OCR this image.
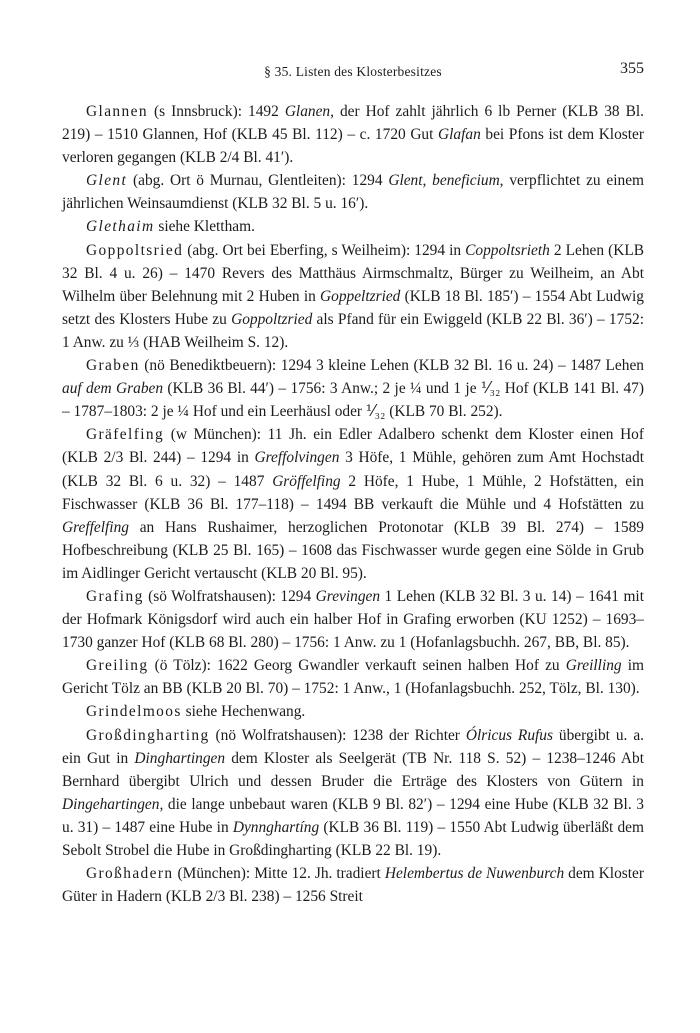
§ 35. Listen des Klosterbesitzes	355

Glannen (s Innsbruck): 1492 Glanen, der Hof zahlt jährlich 6 lb Perner (KLB 38 Bl. 219) – 1510 Glannen, Hof (KLB 45 Bl. 112) – c. 1720 Gut Glafan bei Pfons ist dem Kloster verloren gegangen (KLB 2/4 Bl. 41′).

Glent (abg. Ort ö Murnau, Glentleiten): 1294 Glent, beneficium, verpflichtet zu einem jährlichen Weinsaumdienst (KLB 32 Bl. 5 u. 16′).

Glethaim siehe Klettham.

Goppoltsried (abg. Ort bei Eberfing, s Weilheim): 1294 in Coppoltsrieth 2 Lehen (KLB 32 Bl. 4 u. 26) – 1470 Revers des Matthäus Airmschmaltz, Bürger zu Weilheim, an Abt Wilhelm über Belehnung mit 2 Huben in Goppeltzried (KLB 18 Bl. 185′) – 1554 Abt Ludwig setzt des Klosters Hube zu Goppoltzried als Pfand für ein Ewiggeld (KLB 22 Bl. 36′) – 1752: 1 Anw. zu ⅓ (HAB Weilheim S. 12).

Graben (nö Benediktbeuern): 1294 3 kleine Lehen (KLB 32 Bl. 16 u. 24) – 1487 Lehen auf dem Graben (KLB 36 Bl. 44′) – 1756: 3 Anw.; 2 je ¼ und 1 je ⅟₃₂ Hof (KLB 141 Bl. 47) – 1787–1803: 2 je ¼ Hof und ein Leerhäusl oder ⅟₃₂ (KLB 70 Bl. 252).

Gräfelfing (w München): 11 Jh. ein Edler Adalbero schenkt dem Kloster einen Hof (KLB 2/3 Bl. 244) – 1294 in Greffolvingen 3 Höfe, 1 Mühle, gehören zum Amt Hochstadt (KLB 32 Bl. 6 u. 32) – 1487 Gröffelfing 2 Höfe, 1 Hube, 1 Mühle, 2 Hofstätten, ein Fischwasser (KLB 36 Bl. 177–118) – 1494 BB verkauft die Mühle und 4 Hofstätten zu Greffelfing an Hans Rushaimer, herzoglichen Protonotar (KLB 39 Bl. 274) – 1589 Hofbeschreibung (KLB 25 Bl. 165) – 1608 das Fischwasser wurde gegen eine Sölde in Grub im Aidlinger Gericht vertauscht (KLB 20 Bl. 95).

Grafing (sö Wolfratshausen): 1294 Grevingen 1 Lehen (KLB 32 Bl. 3 u. 14) – 1641 mit der Hofmark Königsdorf wird auch ein halber Hof in Grafing erworben (KU 1252) – 1693–1730 ganzer Hof (KLB 68 Bl. 280) – 1756: 1 Anw. zu 1 (Hofanlagsbuchh. 267, BB, Bl. 85).

Greiling (ö Tölz): 1622 Georg Gwandler verkauft seinen halben Hof zu Greilling im Gericht Tölz an BB (KLB 20 Bl. 70) – 1752: 1 Anw., 1 (Hofanlagsbuchh. 252, Tölz, Bl. 130).

Grindelmoos siehe Hechenwang.

Großdingharting (nö Wolfratshausen): 1238 der Richter Ólricus Rufus übergibt u. a. ein Gut in Dinghartingen dem Kloster als Seelgerät (TB Nr. 118 S. 52) – 1238–1246 Abt Bernhard übergibt Ulrich und dessen Bruder die Erträge des Klosters von Gütern in Dingehartingen, die lange unbebaut waren (KLB 9 Bl. 82′) – 1294 eine Hube (KLB 32 Bl. 3 u. 31) – 1487 eine Hube in Dynnghartíng (KLB 36 Bl. 119) – 1550 Abt Ludwig überläßt dem Sebolt Strobel die Hube in Großdingharting (KLB 22 Bl. 19).

Großhadern (München): Mitte 12. Jh. tradiert Helembertus de Nuwenburch dem Kloster Güter in Hadern (KLB 2/3 Bl. 238) – 1256 Streit
